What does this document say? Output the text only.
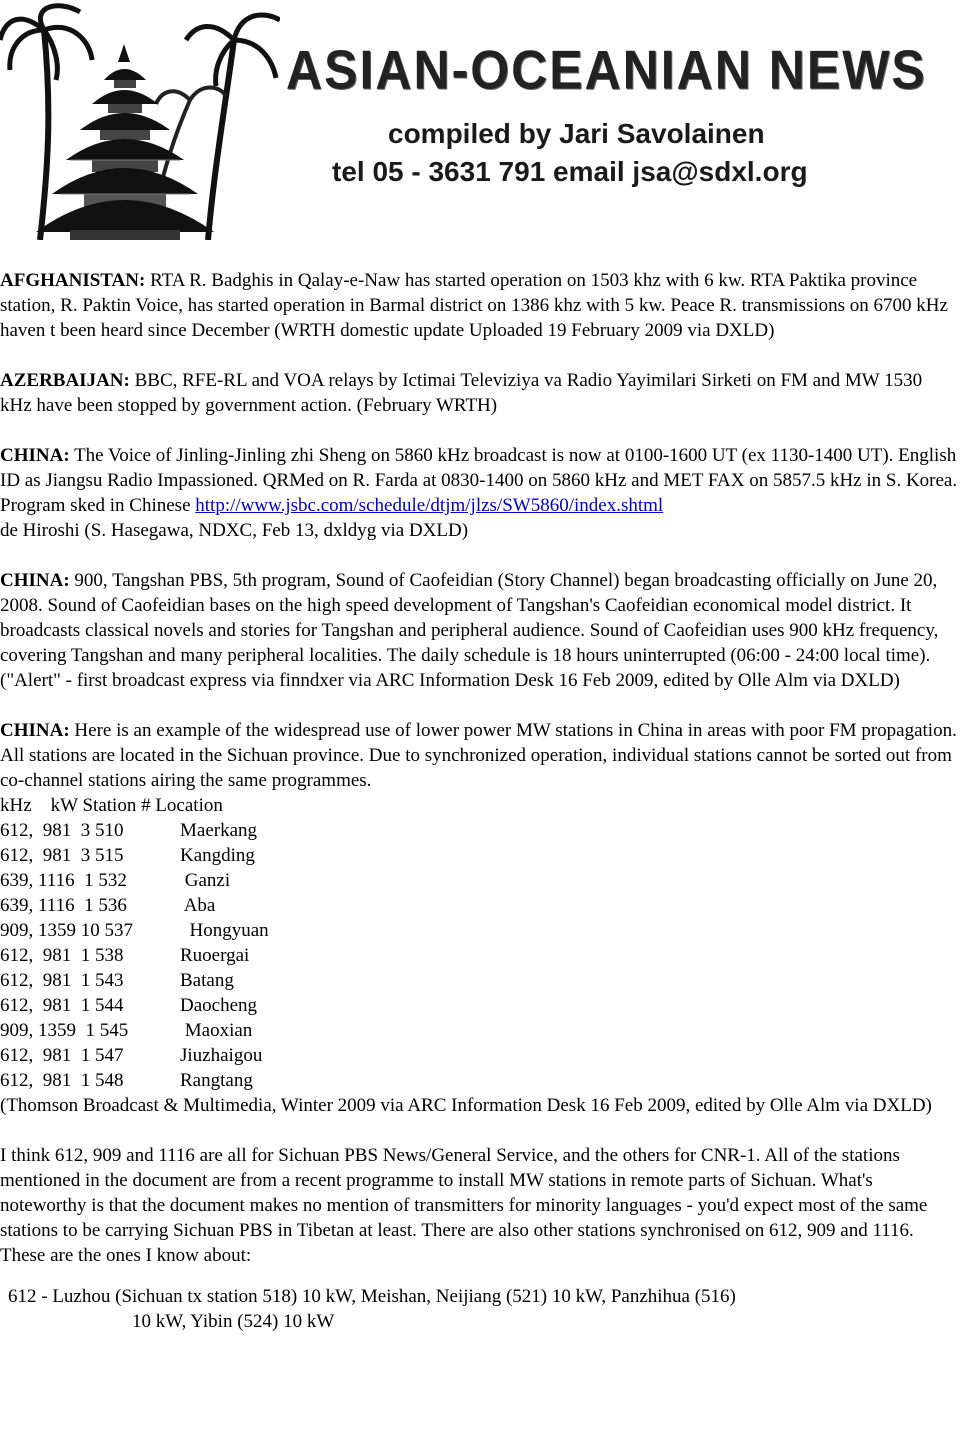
ASIAN-OCEANIAN NEWS
compiled by Jari Savolainen
tel 05 - 3631 791 email jsa@sdxl.org

AFGHANISTAN: RTA R. Badghis in Qalay-e-Naw has started operation on 1503 khz with 6 kw. RTA Paktika province station, R. Paktin Voice, has started operation in Barmal district on 1386 khz with 5 kw. Peace R. transmissions on 6700 kHz haven t been heard since December (WRTH domestic update Uploaded 19 February 2009 via DXLD)

AZERBAIJAN: BBC, RFE-RL and VOA relays by Ictimai Televiziya va Radio Yayimilari Sirketi on FM and MW 1530 kHz have been stopped by government action. (February WRTH)

CHINA: The Voice of Jinling-Jinling zhi Sheng on 5860 kHz broadcast is now at 0100-1600 UT (ex 1130-1400 UT). English ID as Jiangsu Radio Impassioned. QRMed on R. Farda at 0830-1400 on 5860 kHz and MET FAX on 5857.5 kHz in S. Korea.

Program sked in Chinese http://www.jsbc.com/schedule/dtjm/jlzs/SW5860/index.shtml

de Hiroshi (S. Hasegawa, NDXC, Feb 13, dxldyg via DXLD)

CHINA: 900, Tangshan PBS, 5th program, Sound of Caofeidian (Story Channel) began broadcasting officially on June 20, 2008. Sound of Caofeidian bases on the high speed development of Tangshan's Caofeidian economical model district. It broadcasts classical novels and stories for Tangshan and peripheral audience. Sound of Caofeidian uses 900 kHz frequency, covering Tangshan and many peripheral localities. The daily schedule is 18 hours uninterrupted (06:00 - 24:00 local time). ("Alert" - first broadcast express via finndxer via ARC Information Desk 16 Feb 2009, edited by Olle Alm via DXLD)

CHINA: Here is an example of the widespread use of lower power MW stations in China in areas with poor FM propagation. All stations are located in the Sichuan province. Due to synchronized operation, individual stations cannot be sorted out from co-channel stations airing the same programmes.

kHz    kW Station # Location
612,  981  3 510	Maerkang
612,  981  3 515	Kangding
639, 1116  1 532	Ganzi
639, 1116  1 536	Aba
909, 1359 10 537  Hongyuan
612,  981  1 538	Ruoergai
612,  981  1 543	Batang
612,  981  1 544	Daocheng
909, 1359  1 545	Maoxian
612,  981  1 547	Jiuzhaigou
612,  981  1 548	Rangtang

(Thomson Broadcast & Multimedia, Winter 2009 via ARC Information Desk 16 Feb 2009, edited by Olle Alm via DXLD)

I think 612, 909 and 1116 are all for Sichuan PBS News/General Service, and the others for CNR-1. All of the stations mentioned in the document are from a recent programme to install MW stations in remote parts of Sichuan. What's noteworthy is that the document makes no mention of transmitters for minority languages - you'd expect most of the same stations to be carrying Sichuan PBS in Tibetan at least. There are also other stations synchronised on 612, 909 and 1116. These are the ones I know about:

612 - Luzhou (Sichuan tx station 518) 10 kW, Meishan, Neijiang (521) 10 kW, Panzhihua (516)

10 kW, Yibin (524) 10 kW
